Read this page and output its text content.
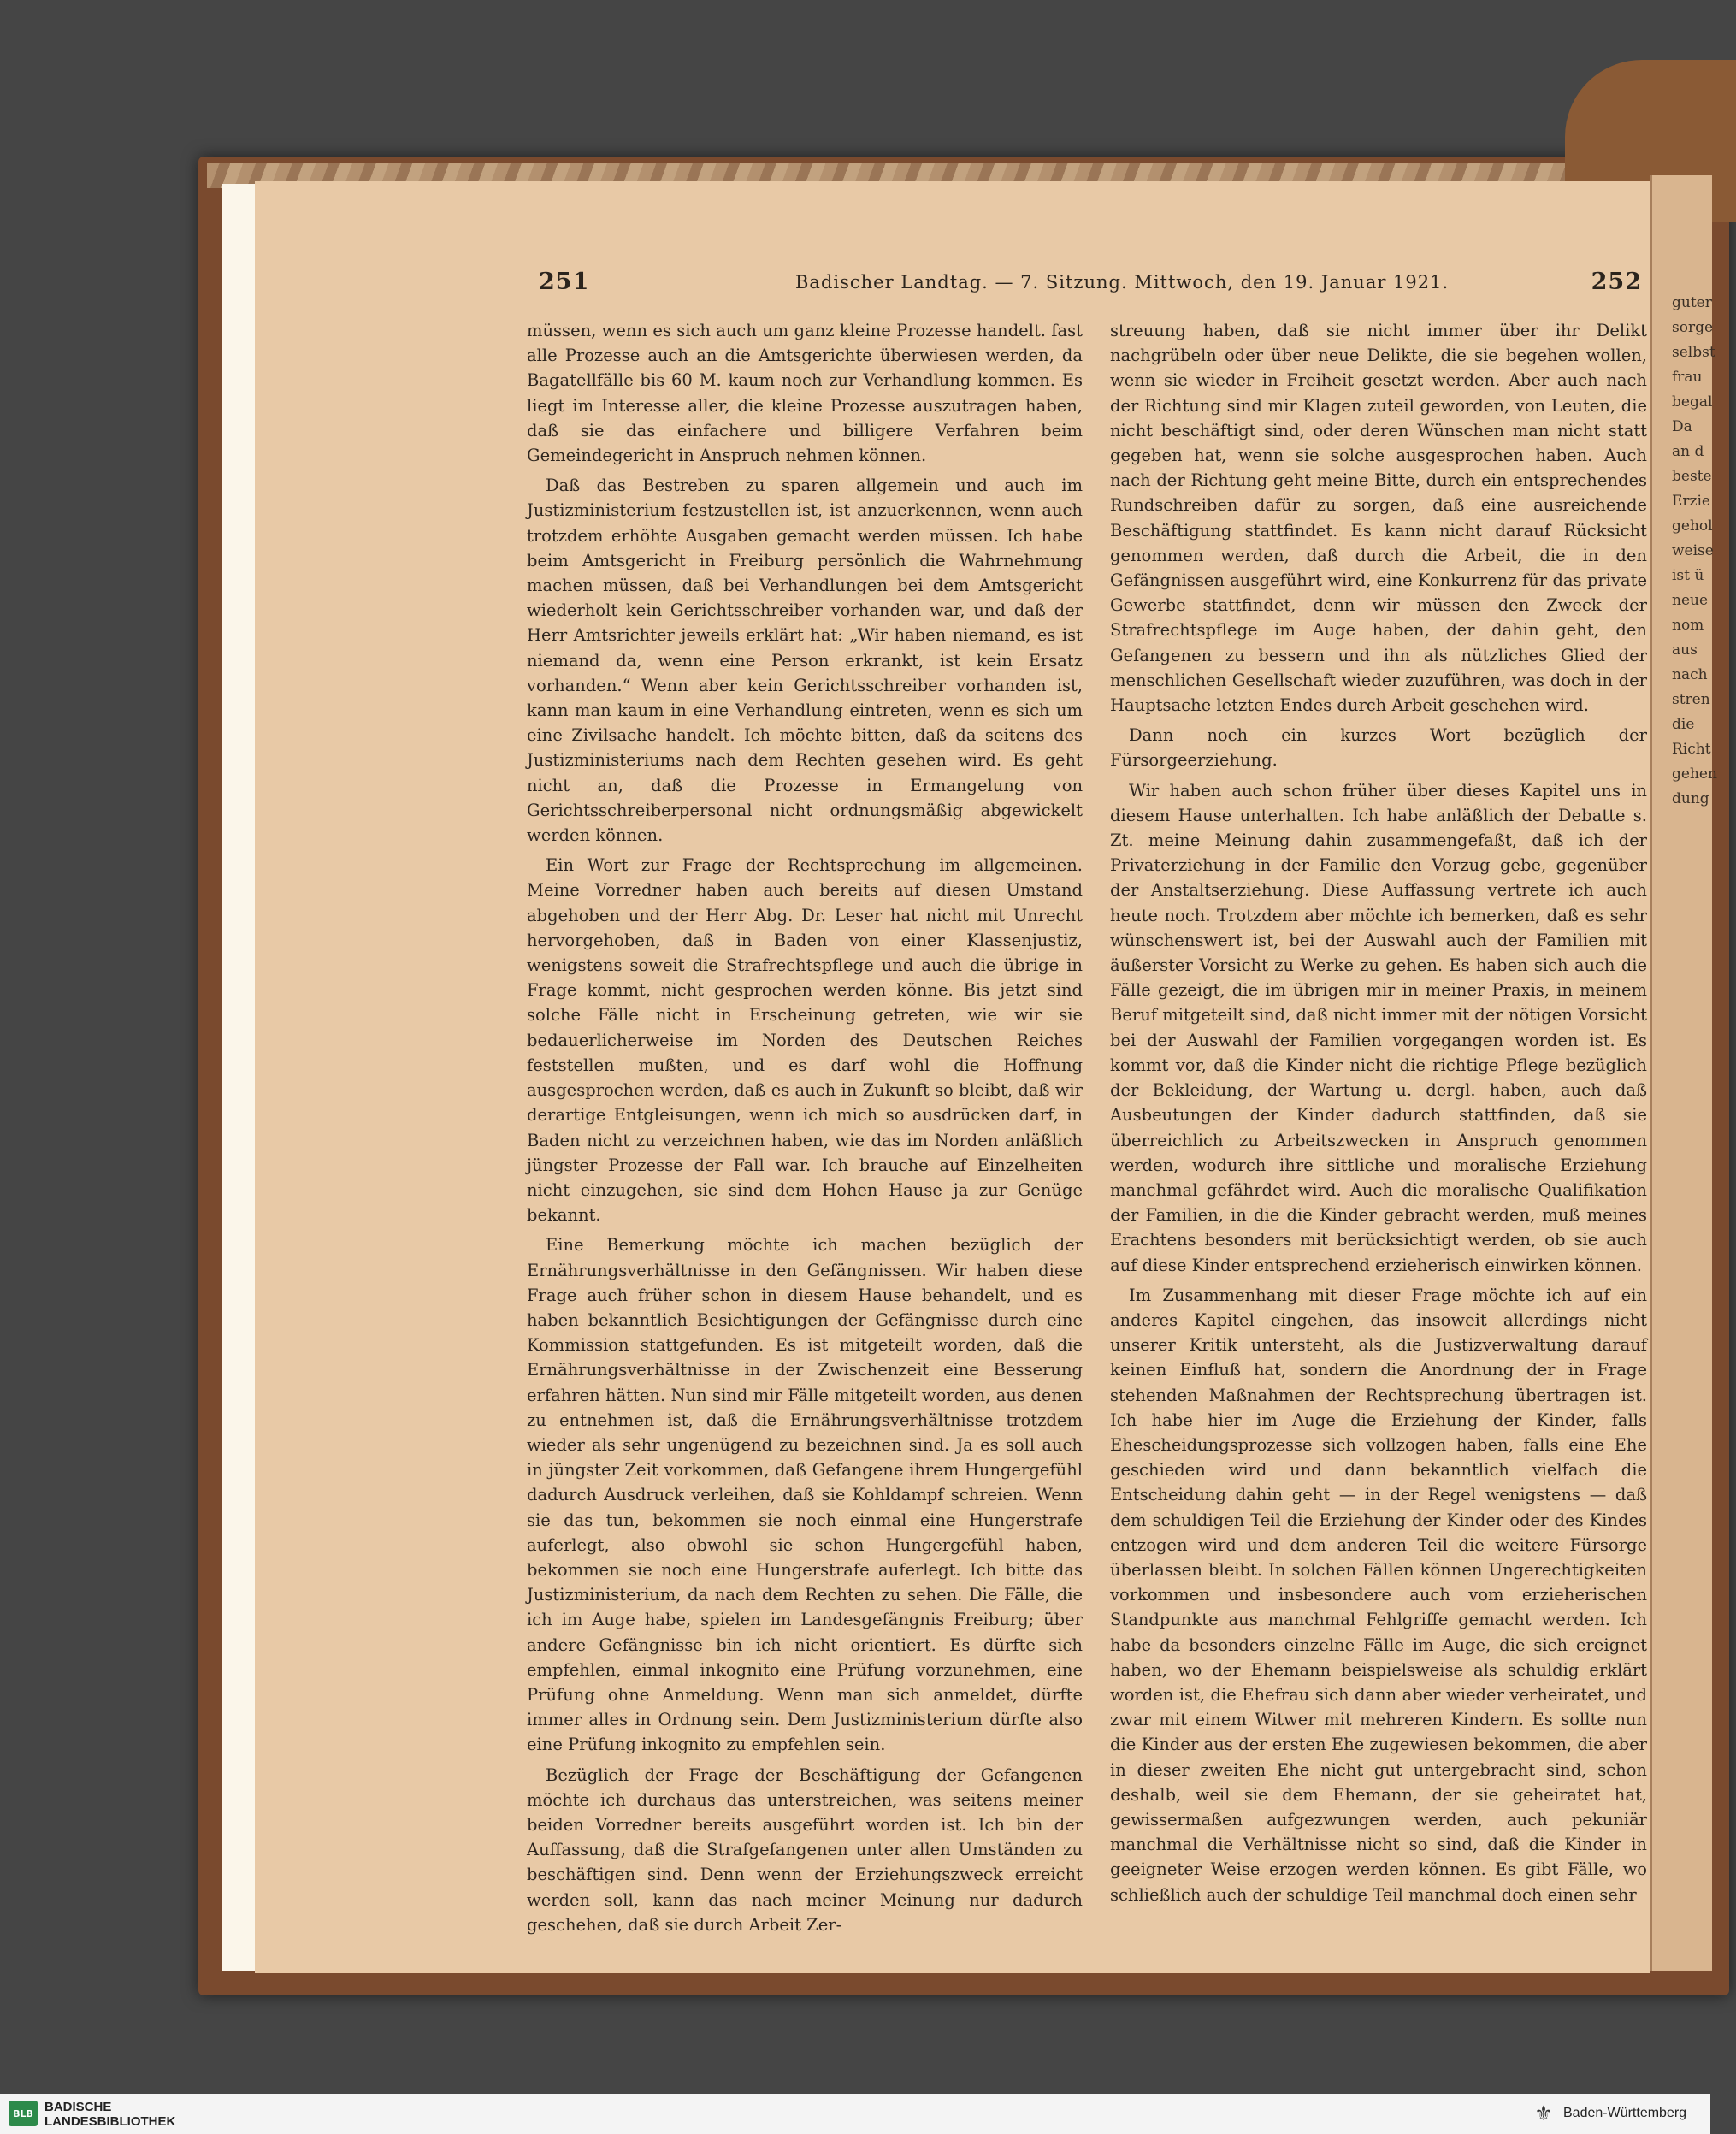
251	Badischer Landtag. — 7. Sitzung. Mittwoch, den 19. Januar 1921.	252

müssen, wenn es sich auch um ganz kleine Prozesse handelt. fast alle Prozesse auch an die Amtsgerichte überwiesen werden, da Bagatellfälle bis 60 M. kaum noch zur Verhandlung kommen. Es liegt im Interesse aller, die kleine Prozesse auszutragen haben, daß sie das einfachere und billigere Verfahren beim Gemeindegericht in Anspruch nehmen können.

Daß das Bestreben zu sparen allgemein und auch im Justizministerium festzustellen ist, ist anzuerkennen, wenn auch trotzdem erhöhte Ausgaben gemacht werden müssen. Ich habe beim Amtsgericht in Freiburg persönlich die Wahrnehmung machen müssen, daß bei Verhandlungen bei dem Amtsgericht wiederholt kein Gerichtsschreiber vorhanden war, und daß der Herr Amtsrichter jeweils erklärt hat: „Wir haben niemand, es ist niemand da, wenn eine Person erkrankt, ist kein Ersatz vorhanden.“ Wenn aber kein Gerichtsschreiber vorhanden ist, kann man kaum in eine Verhandlung eintreten, wenn es sich um eine Zivilsache handelt. Ich möchte bitten, daß da seitens des Justizministeriums nach dem Rechten gesehen wird. Es geht nicht an, daß die Prozesse in Ermangelung von Gerichtsschreiberpersonal nicht ordnungsmäßig abgewickelt werden können.

Ein Wort zur Frage der Rechtsprechung im allgemeinen. Meine Vorredner haben auch bereits auf diesen Umstand abgehoben und der Herr Abg. Dr. Leser hat nicht mit Unrecht hervorgehoben, daß in Baden von einer Klassenjustiz, wenigstens soweit die Strafrechtspflege und auch die übrige in Frage kommt, nicht gesprochen werden könne. Bis jetzt sind solche Fälle nicht in Erscheinung getreten, wie wir sie bedauerlicherweise im Norden des Deutschen Reiches feststellen mußten, und es darf wohl die Hoffnung ausgesprochen werden, daß es auch in Zukunft so bleibt, daß wir derartige Entgleisungen, wenn ich mich so ausdrücken darf, in Baden nicht zu verzeichnen haben, wie das im Norden anläßlich jüngster Prozesse der Fall war. Ich brauche auf Einzelheiten nicht einzugehen, sie sind dem Hohen Hause ja zur Genüge bekannt.

Eine Bemerkung möchte ich machen bezüglich der Ernährungsverhältnisse in den Gefängnissen. Wir haben diese Frage auch früher schon in diesem Hause behandelt, und es haben bekanntlich Besichtigungen der Gefängnisse durch eine Kommission stattgefunden. Es ist mitgeteilt worden, daß die Ernährungsverhältnisse in der Zwischenzeit eine Besserung erfahren hätten. Nun sind mir Fälle mitgeteilt worden, aus denen zu entnehmen ist, daß die Ernährungsverhältnisse trotzdem wieder als sehr ungenügend zu bezeichnen sind. Ja es soll auch in jüngster Zeit vorkommen, daß Gefangene ihrem Hungergefühl dadurch Ausdruck verleihen, daß sie Kohldampf schreien. Wenn sie das tun, bekommen sie noch einmal eine Hungerstrafe auferlegt, also obwohl sie schon Hungergefühl haben, bekommen sie noch eine Hungerstrafe auferlegt. Ich bitte das Justizministerium, da nach dem Rechten zu sehen. Die Fälle, die ich im Auge habe, spielen im Landesgefängnis Freiburg; über andere Gefängnisse bin ich nicht orientiert. Es dürfte sich empfehlen, einmal inkognito eine Prüfung vorzunehmen, eine Prüfung ohne Anmeldung. Wenn man sich anmeldet, dürfte immer alles in Ordnung sein. Dem Justizministerium dürfte also eine Prüfung inkognito zu empfehlen sein.

Bezüglich der Frage der Beschäftigung der Gefangenen möchte ich durchaus das unterstreichen, was seitens meiner beiden Vorredner bereits ausgeführt worden ist. Ich bin der Auffassung, daß die Strafgefangenen unter allen Umständen zu beschäftigen sind. Denn wenn der Erziehungszweck erreicht werden soll, kann das nach meiner Meinung nur dadurch geschehen, daß sie durch Arbeit Zer-

streuung haben, daß sie nicht immer über ihr Delikt nachgrübeln oder über neue Delikte, die sie begehen wollen, wenn sie wieder in Freiheit gesetzt werden. Aber auch nach der Richtung sind mir Klagen zuteil geworden, von Leuten, die nicht beschäftigt sind, oder deren Wünschen man nicht statt gegeben hat, wenn sie solche ausgesprochen haben. Auch nach der Richtung geht meine Bitte, durch ein entsprechendes Rundschreiben dafür zu sorgen, daß eine ausreichende Beschäftigung stattfindet. Es kann nicht darauf Rücksicht genommen werden, daß durch die Arbeit, die in den Gefängnissen ausgeführt wird, eine Konkurrenz für das private Gewerbe stattfindet, denn wir müssen den Zweck der Strafrechtspflege im Auge haben, der dahin geht, den Gefangenen zu bessern und ihn als nützliches Glied der menschlichen Gesellschaft wieder zuzuführen, was doch in der Hauptsache letzten Endes durch Arbeit geschehen wird.

Dann noch ein kurzes Wort bezüglich der Fürsorgeerziehung.

Wir haben auch schon früher über dieses Kapitel uns in diesem Hause unterhalten. Ich habe anläßlich der Debatte s. Zt. meine Meinung dahin zusammengefaßt, daß ich der Privaterziehung in der Familie den Vorzug gebe, gegenüber der Anstaltserziehung. Diese Auffassung vertrete ich auch heute noch. Trotzdem aber möchte ich bemerken, daß es sehr wünschenswert ist, bei der Auswahl auch der Familien mit äußerster Vorsicht zu Werke zu gehen. Es haben sich auch die Fälle gezeigt, die im übrigen mir in meiner Praxis, in meinem Beruf mitgeteilt sind, daß nicht immer mit der nötigen Vorsicht bei der Auswahl der Familien vorgegangen worden ist. Es kommt vor, daß die Kinder nicht die richtige Pflege bezüglich der Bekleidung, der Wartung u. dergl. haben, auch daß Ausbeutungen der Kinder dadurch stattfinden, daß sie überreichlich zu Arbeitszwecken in Anspruch genommen werden, wodurch ihre sittliche und moralische Erziehung manchmal gefährdet wird. Auch die moralische Qualifikation der Familien, in die die Kinder gebracht werden, muß meines Erachtens besonders mit berücksichtigt werden, ob sie auch auf diese Kinder entsprechend erzieherisch einwirken können.

Im Zusammenhang mit dieser Frage möchte ich auf ein anderes Kapitel eingehen, das insoweit allerdings nicht unserer Kritik untersteht, als die Justizverwaltung darauf keinen Einfluß hat, sondern die Anordnung der in Frage stehenden Maßnahmen der Rechtsprechung übertragen ist. Ich habe hier im Auge die Erziehung der Kinder, falls Ehescheidungsprozesse sich vollzogen haben, falls eine Ehe geschieden wird und dann bekanntlich vielfach die Entscheidung dahin geht — in der Regel wenigstens — daß dem schuldigen Teil die Erziehung der Kinder oder des Kindes entzogen wird und dem anderen Teil die weitere Fürsorge überlassen bleibt. In solchen Fällen können Ungerechtigkeiten vorkommen und insbesondere auch vom erzieherischen Standpunkte aus manchmal Fehlgriffe gemacht werden. Ich habe da besonders einzelne Fälle im Auge, die sich ereignet haben, wo der Ehemann beispielsweise als schuldig erklärt worden ist, die Ehefrau sich dann aber wieder verheiratet, und zwar mit einem Witwer mit mehreren Kindern. Es sollte nun die Kinder aus der ersten Ehe zugewiesen bekommen, die aber in dieser zweiten Ehe nicht gut untergebracht sind, schon deshalb, weil sie dem Ehemann, der sie geheiratet hat, gewissermaßen aufgezwungen werden, auch pekuniär manchmal die Verhältnisse nicht so sind, daß die Kinder in geeigneter Weise erzogen werden können. Es gibt Fälle, wo schließlich auch der schuldige Teil manchmal doch einen sehr

guter
sorge
selbst
frau
begal
Da
an d
beste
Erzie
gehol
weise
ist ü
neue
nom
aus
nach
stren
die
Richt
gehen
dung
BLB BADISCHE
LANDESBIBLIOTHEK	⚜ Baden-Württemberg
